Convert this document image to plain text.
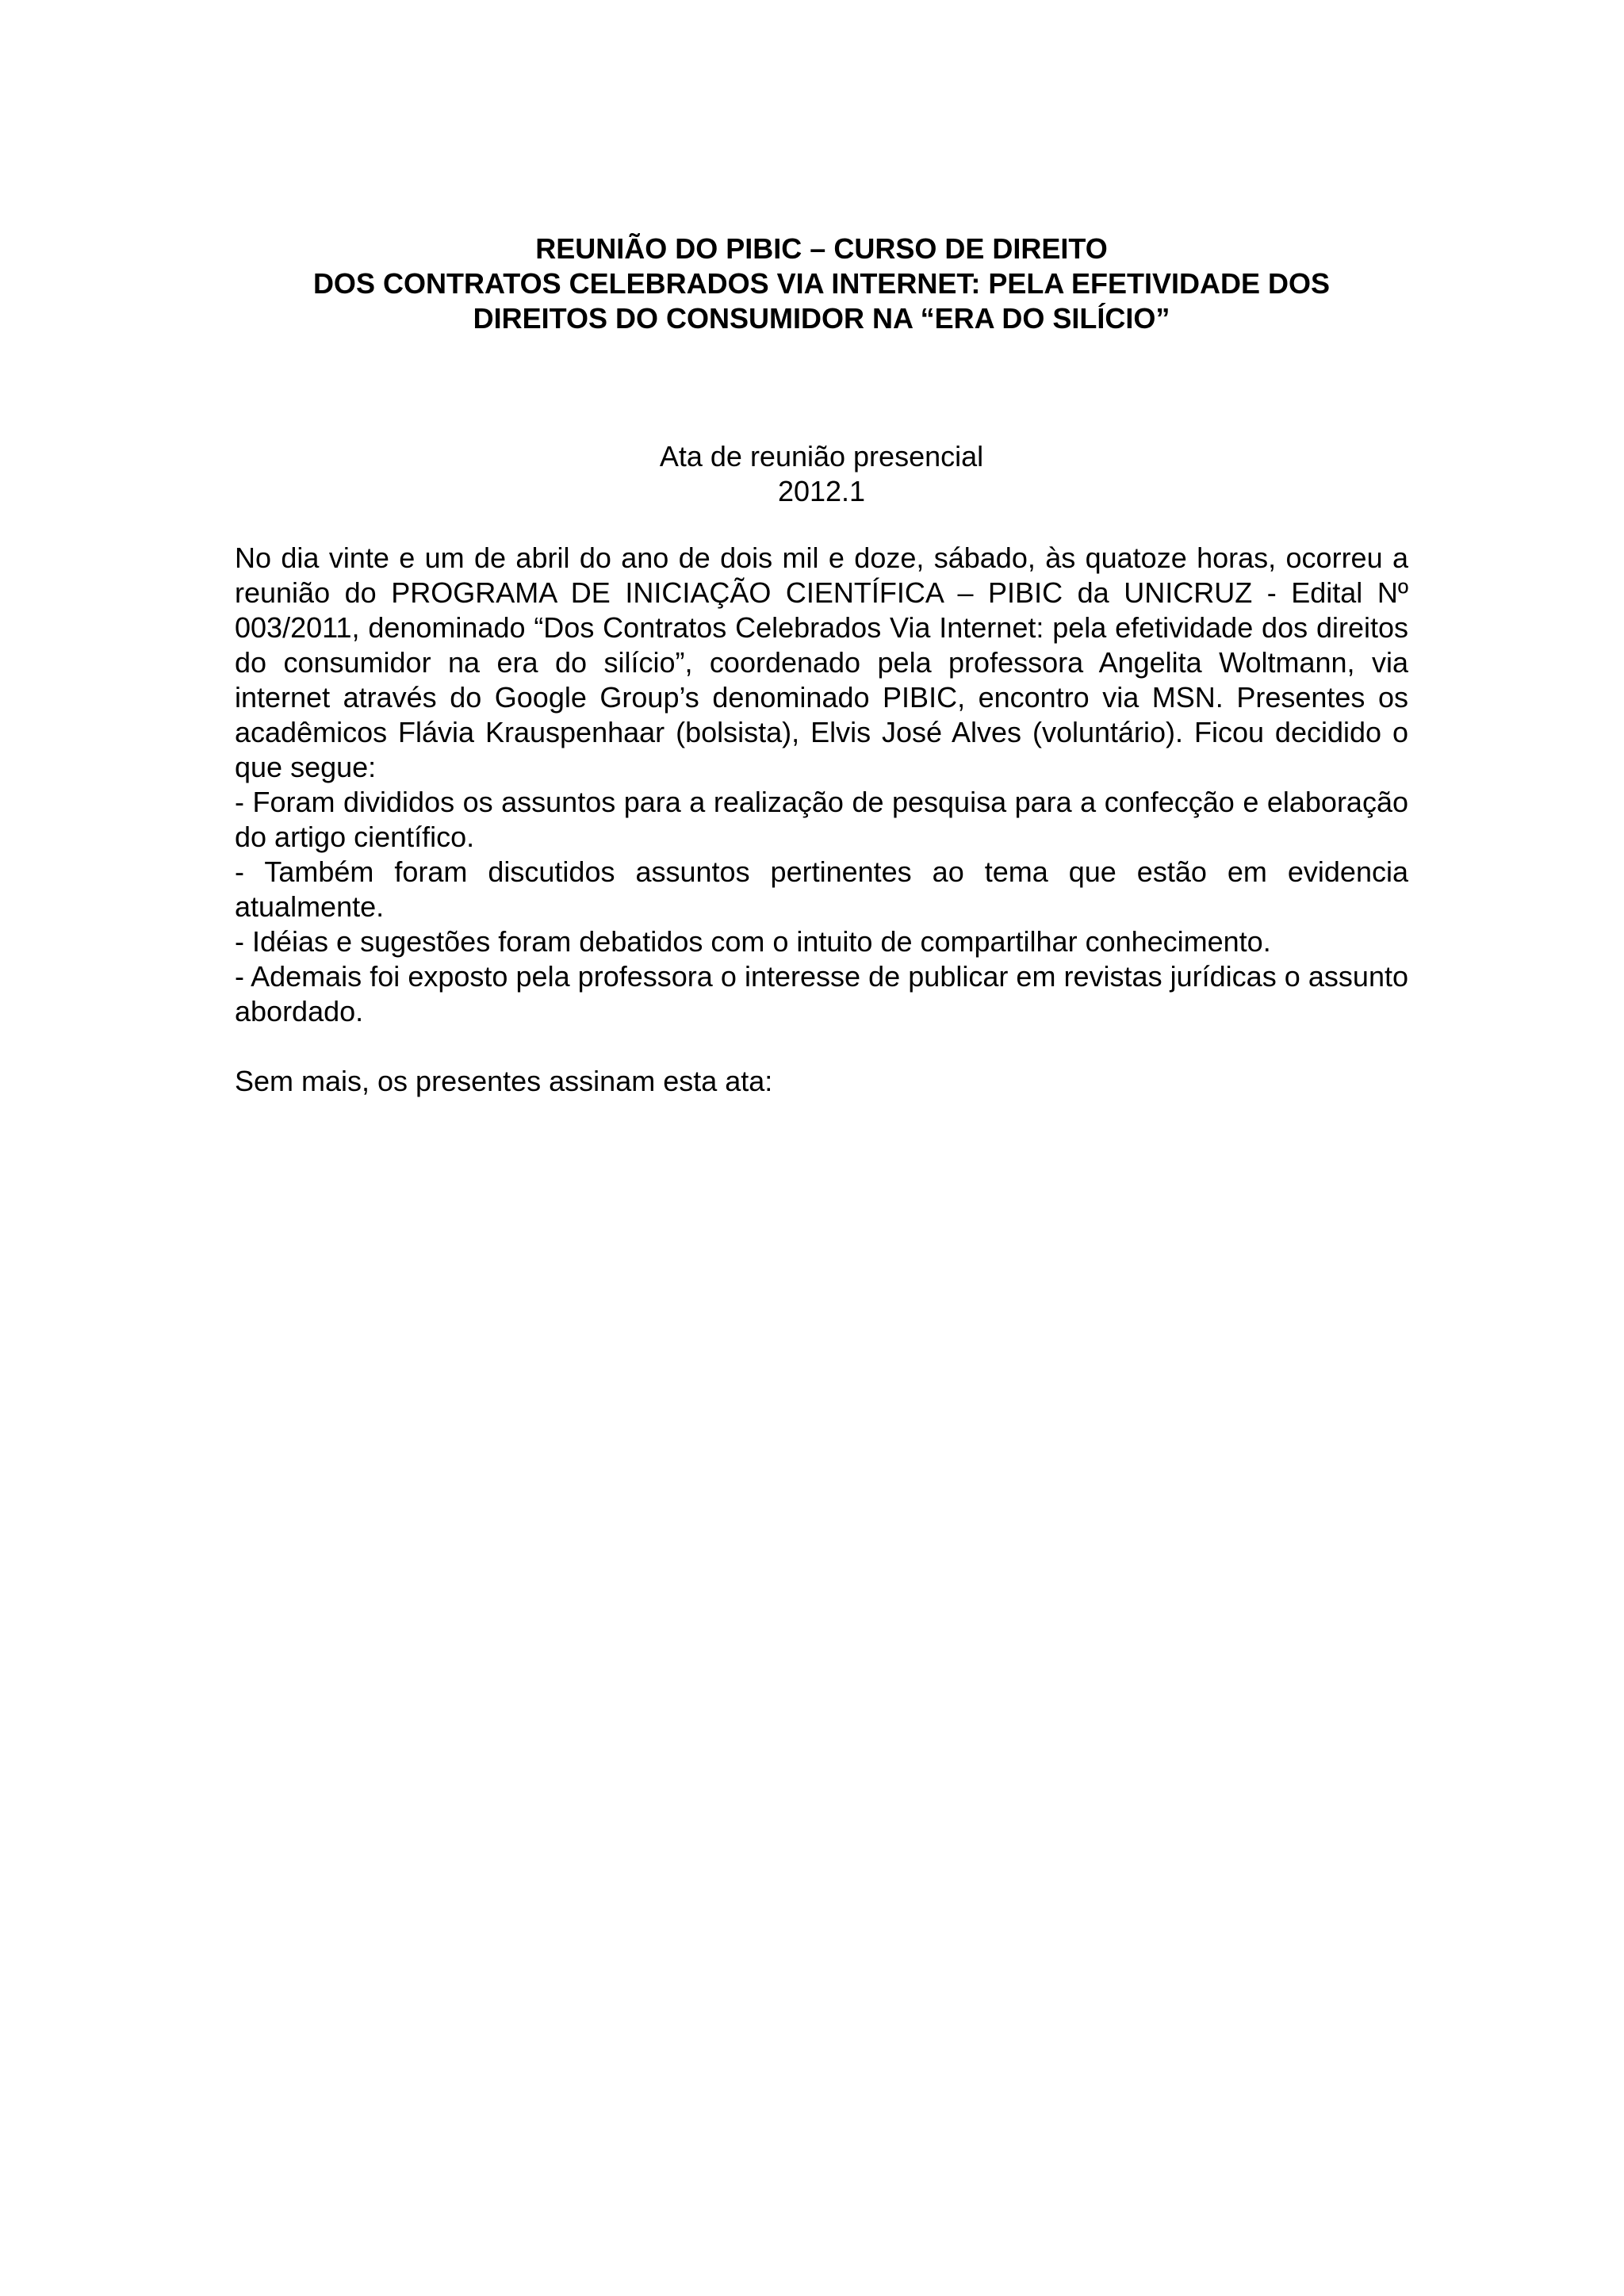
REUNIÃO DO PIBIC – CURSO DE DIREITO
DOS CONTRATOS CELEBRADOS VIA INTERNET: PELA EFETIVIDADE DOS
DIREITOS DO CONSUMIDOR NA “ERA DO SILÍCIO”
Ata de reunião presencial
2012.1

No dia vinte e um de abril do ano de dois mil e doze, sábado, às quatoze horas, ocorreu a reunião do PROGRAMA DE INICIAÇÃO CIENTÍFICA – PIBIC da UNICRUZ - Edital Nº 003/2011, denominado “Dos Contratos Celebrados Via Internet: pela efetividade dos direitos do consumidor na era do silício”, coordenado pela professora Angelita Woltmann, via internet através do Google Group’s denominado PIBIC, encontro via MSN. Presentes os acadêmicos Flávia Krauspenhaar (bolsista), Elvis José Alves (voluntário). Ficou decidido o que segue:

- Foram divididos os assuntos para a realização de pesquisa para a confecção e elaboração do artigo científico.
- Também foram discutidos assuntos pertinentes ao tema que estão em evidencia atualmente.
- Idéias e sugestões foram debatidos com o intuito de compartilhar conhecimento.
- Ademais foi exposto pela professora o interesse de publicar em revistas jurídicas o assunto abordado.

Sem mais, os presentes assinam esta ata:
